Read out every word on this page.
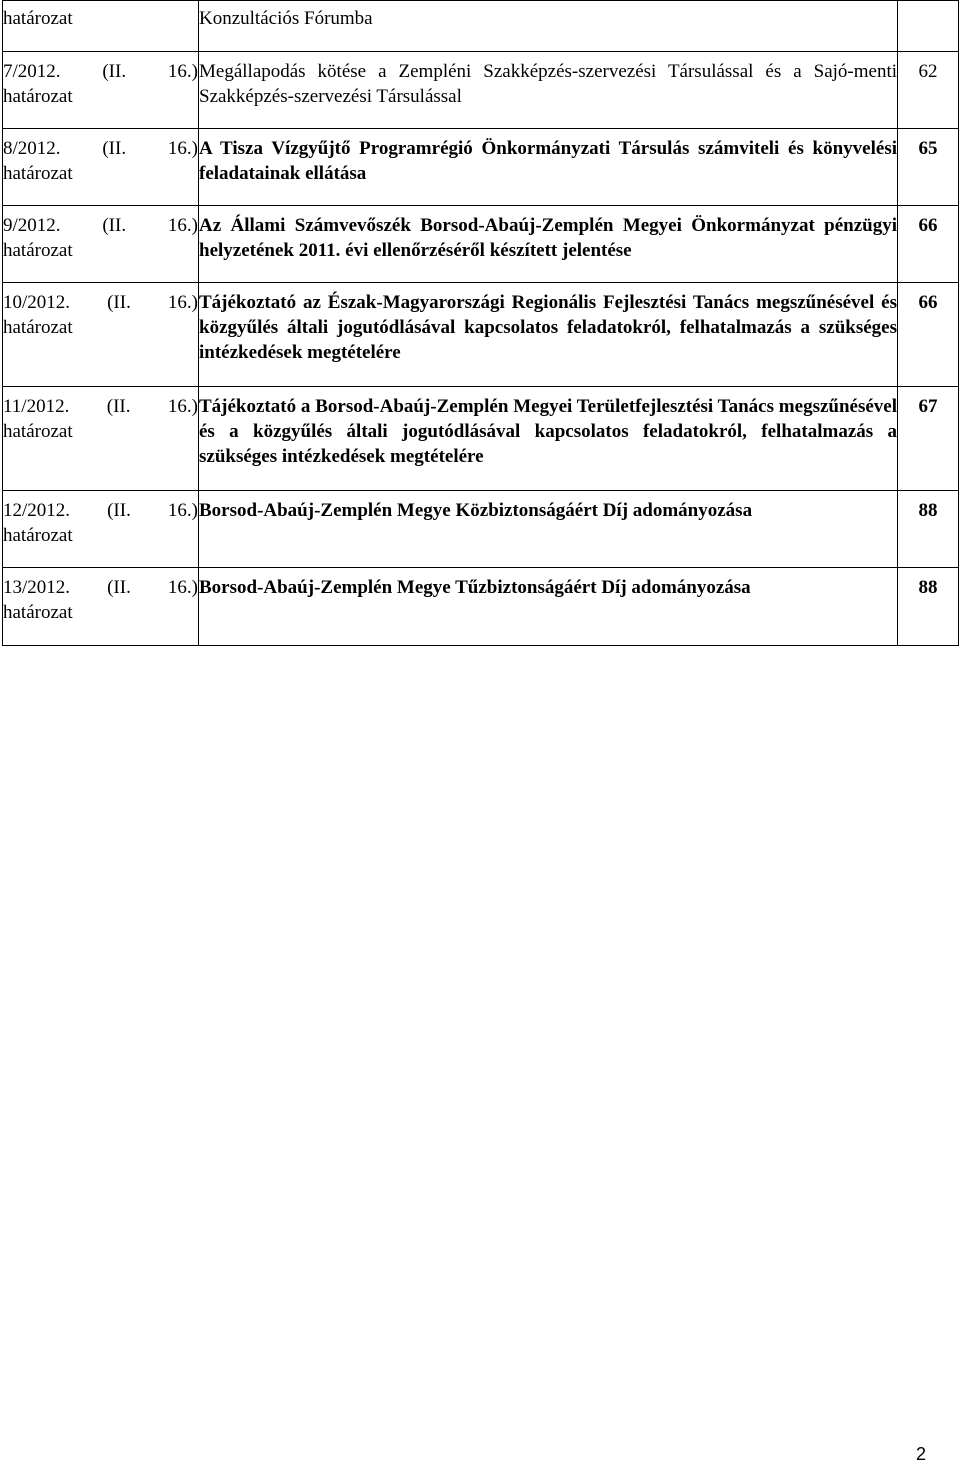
határozat	Konzultációs Fórumba	

7/2012. (II. 16.)
határozat	Megállapodás kötése a Zempléni Szakképzés-szervezési Társulással és a Sajó-menti Szakképzés-szervezési Társulással	62

8/2012. (II. 16.)
határozat	A Tisza Vízgyűjtő Programrégió Önkormányzati Társulás számviteli és könyvelési feladatainak ellátása	65

9/2012. (II. 16.)
határozat	Az Állami Számvevőszék Borsod-Abaúj-Zemplén Megyei Önkormányzat pénzügyi helyzetének 2011. évi ellenőrzéséről készített jelentése	66

10/2012. (II. 16.)
határozat	Tájékoztató az Észak-Magyarországi Regionális Fejlesztési Tanács megszűnésével és közgyűlés általi jogutódlásával kapcsolatos feladatokról, felhatalmazás a szükséges intézkedések megtételére	66

11/2012. (II. 16.)
határozat	Tájékoztató a Borsod-Abaúj-Zemplén Megyei Területfejlesztési Tanács megszűnésével és a közgyűlés általi jogutódlásával kapcsolatos feladatokról, felhatalmazás a szükséges intézkedések megtételére	67

12/2012. (II. 16.)
határozat	Borsod-Abaúj-Zemplén Megye Közbiztonságáért Díj adományozása	88

13/2012. (II. 16.)
határozat	Borsod-Abaúj-Zemplén Megye Tűzbiztonságáért Díj adományozása	88
2
